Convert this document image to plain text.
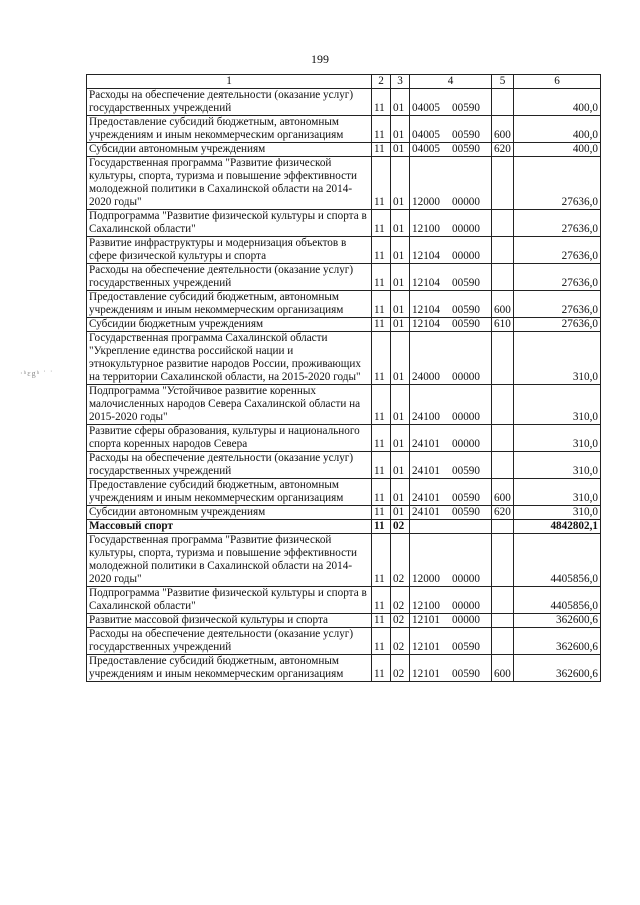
199
·ʰɛgʰ ˙ ˙
1	2	3	4	5	6
Расходы на обеспечение деятельности (оказание услуг) государственных учреждений	11	01	04005 00590		400,0
Предоставление субсидий бюджетным, автономным учреждениям и иным некоммерческим организациям	11	01	04005 00590	600	400,0
Субсидии автономным учреждениям	11	01	04005 00590	620	400,0
Государственная программа "Развитие физической культуры, спорта, туризма и повышение эффективности молодежной политики в Сахалинской области на 2014-2020 годы"	11	01	12000 00000		27636,0
Подпрограмма "Развитие физической культуры и спорта в Сахалинской области"	11	01	12100 00000		27636,0
Развитие инфраструктуры и модернизация объектов в сфере физической культуры и спорта	11	01	12104 00000		27636,0
Расходы на обеспечение деятельности (оказание услуг) государственных учреждений	11	01	12104 00590		27636,0
Предоставление субсидий бюджетным, автономным учреждениям и иным некоммерческим организациям	11	01	12104 00590	600	27636,0
Субсидии бюджетным учреждениям	11	01	12104 00590	610	27636,0
Государственная программа Сахалинской области "Укрепление единства российской нации и этнокультурное развитие народов России, проживающих на территории Сахалинской области, на 2015-2020 годы"	11	01	24000 00000		310,0
Подпрограмма "Устойчивое развитие коренных малочисленных народов Севера Сахалинской области на 2015-2020 годы"	11	01	24100 00000		310,0
Развитие сферы образования, культуры и национального спорта коренных народов Севера	11	01	24101 00000		310,0
Расходы на обеспечение деятельности (оказание услуг) государственных учреждений	11	01	24101 00590		310,0
Предоставление субсидий бюджетным, автономным учреждениям и иным некоммерческим организациям	11	01	24101 00590	600	310,0
Субсидии автономным учреждениям	11	01	24101 00590	620	310,0
Массовый спорт	11	02			4842802,1
Государственная программа "Развитие физической культуры, спорта, туризма и повышение эффективности молодежной политики в Сахалинской области на 2014-2020 годы"	11	02	12000 00000		4405856,0
Подпрограмма "Развитие физической культуры и спорта в Сахалинской области"	11	02	12100 00000		4405856,0
Развитие массовой физической культуры и спорта	11	02	12101 00000		362600,6
Расходы на обеспечение деятельности (оказание услуг) государственных учреждений	11	02	12101 00590		362600,6
Предоставление субсидий бюджетным, автономным учреждениям и иным некоммерческим организациям	11	02	12101 00590	600	362600,6
